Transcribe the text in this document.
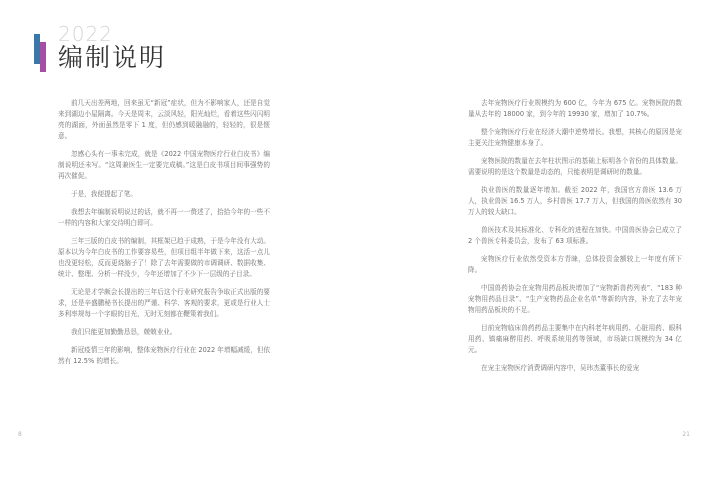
2022
编制说明

前几天出差两地，回来虽无“新冠”症状，但为不影响家人，还是自觉来到湖边小屋隔离。今天是周末，云淡风轻，阳光灿烂，看着这些闪闪明亮的湖面，外面虽然是零下 1 度，但仍感到暖融融的，轻轻的，很是惬意。

忽感心头有一事未完成，就是《2022 中国宠物医疗行业白皮书》编制说明还未写。“这周兼医生一定要完成稿。”这是白皮书项目间事强势的再次催促。

于是，我便提起了笔。

我想去年编制说明说过的话，就不再一一赘述了，拾拾今年的一些不一样的内容和大家交待明白即可。

三年三版的白皮书的编制，其框架已趋于成熟，于是今年没有大动。原本以为今年白皮书的工作要容易些，但项目组半年做下来，这活一点儿也没更轻松，反而更烧脑子了！除了去年需要做的市调调研、数据收集、统计、整理、分析一样没少，今年还增加了不少下一层级的子目录。

无论是才学颇会长提出的三年后这个行业研究报告争取正式出版的要求，还是辛盛鹏秘书长提出的严谨、科学、客观的要求，更或是行业人士多利率规每一个字眼的目光，无时无刻都在鞭策着我们。

我们只能更加勤勤恳恳，兢兢业业。

新冠疫情三年的影响，整体宠物医疗行业在 2022 年增幅减缓，但依然有 12.5% 的增长。

去年宠物医疗行业规模约为 600 亿，今年为 675 亿。宠物医院的数量从去年的 18000 家，到今年的 19930 家，增加了 10.7%。

整个宠物医疗行业在经济大潮中逆势增长。我想，其核心的原因是宠主更关注宠物健康本身了。

宠物医院的数量在去年柱状图示的基础上标明各个省份的具体数量。需要说明的是这个数量是动态的，只能表明是调研时的数量。

执业兽医的数量逐年增加。截至 2022 年，我国官方兽医 13.6 万人，执业兽医 16.5 万人，乡村兽医 17.7 万人，但我国的兽医依然有 30 万人的较大缺口。

兽医技术及其标准化、专科化的进程在加快。中国兽医协会已成立了 2 个兽医专科委员会，发布了 63 项标准。

宠物医疗行业依然受资本方青睐，总体投资金额较上一年度有所下降。

中国兽药协会在宠物用药品板块增加了“宠物新兽药列表”、“183 种宠物用药品目录”、“生产宠物药品企业名单”等新的内容，补充了去年宠物用药品板块的不足。

目前宠物临床兽药药品主要集中在内科老年病用药、心脏用药、眼科用药、镇痛麻醉用药、呼吸系统用药等领域，市场缺口规模约为 34 亿元。

在宠主宠物医疗消费调研内容中，吴玮杰董事长的爱宠

8	21
